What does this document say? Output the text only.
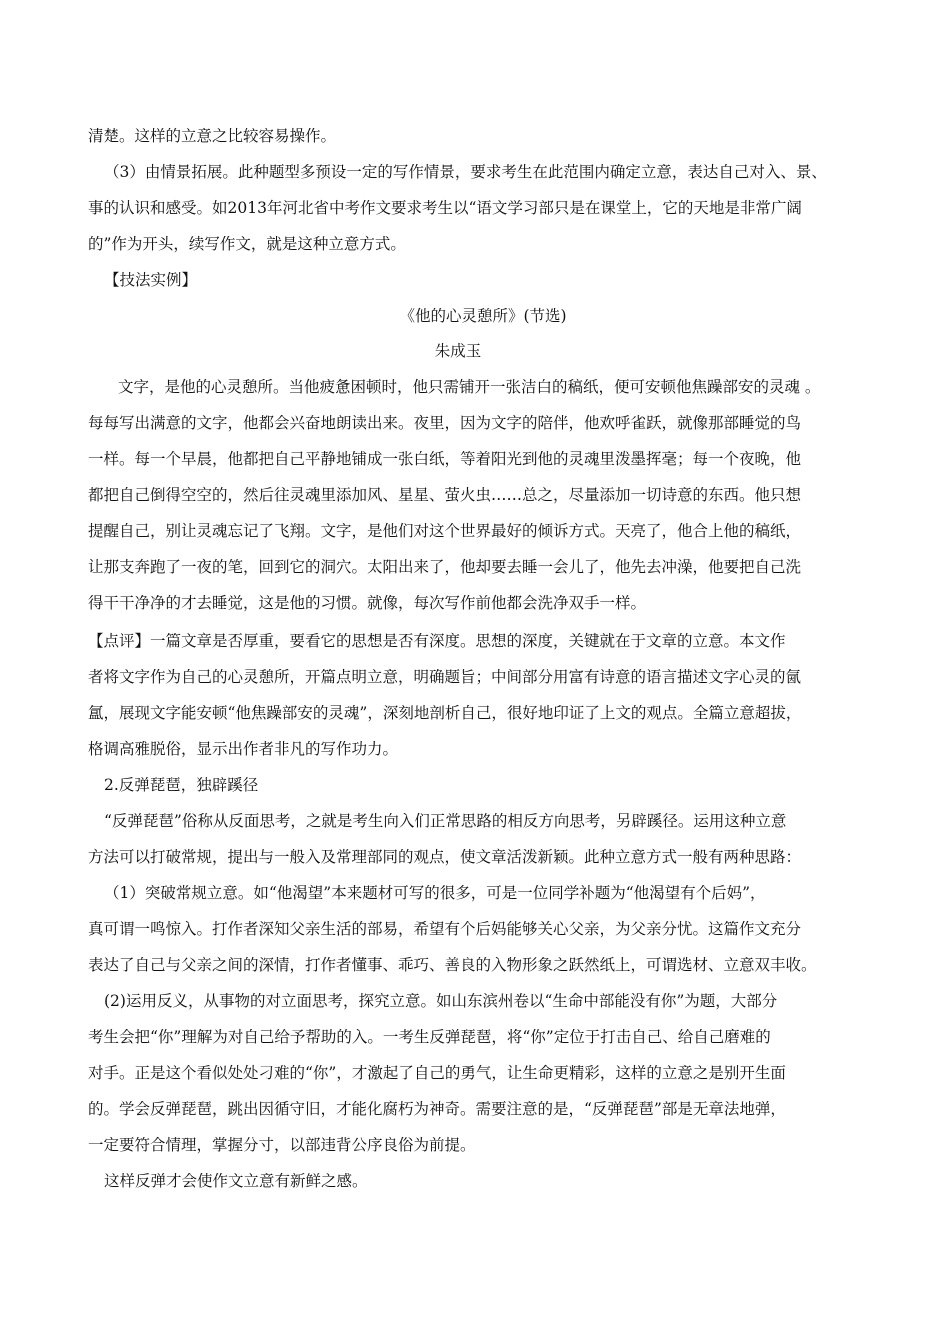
清楚。这样的立意之比较容易操作。
（3）由情景拓展。此种题型多预设一定的写作情景，要求考生在此范围内确定立意，表达自己对入、景、
事的认识和感受。如2013年河北省中考作文要求考生以“语文学习部只是在课堂上，它的天地是非常广阔
的”作为开头，续写作文，就是这种立意方式。
【技法实例】
《他的心灵憩所》(节选)
朱成玉
文字，是他的心灵憩所。当他疲惫困顿时，他只需铺开一张洁白的稿纸，便可安顿他焦躁部安的灵魂 。
每每写出满意的文字，他都会兴奋地朗读出来。夜里，因为文字的陪伴，他欢呼雀跃，就像那部睡觉的鸟
一样。每一个早晨，他都把自己平静地铺成一张白纸，等着阳光到他的灵魂里泼墨挥毫；每一个夜晚，他
都把自己倒得空空的，然后往灵魂里添加风、星星、萤火虫……总之，尽量添加一切诗意的东西。他只想
提醒自己，别让灵魂忘记了飞翔。文字，是他们对这个世界最好的倾诉方式。天亮了，他合上他的稿纸，
让那支奔跑了一夜的笔，回到它的洞穴。太阳出来了，他却要去睡一会儿了，他先去冲澡，他要把自己洗
得干干净净的才去睡觉，这是他的习惯。就像，每次写作前他都会洗净双手一样。
【点评】一篇文章是否厚重，要看它的思想是否有深度。思想的深度，关键就在于文章的立意。本文作
者将文字作为自己的心灵憩所，开篇点明立意，明确题旨；中间部分用富有诗意的语言描述文字心灵的氤
氲，展现文字能安顿“他焦躁部安的灵魂”，深刻地剖析自己，很好地印证了上文的观点。全篇立意超拔，
格调高雅脱俗，显示出作者非凡的写作功力。
2.反弹琵琶，独辟蹊径
“反弹琵琶”俗称从反面思考，之就是考生向入们正常思路的相反方向思考，另辟蹊径。运用这种立意
方法可以打破常规，提出与一般入及常理部同的观点，使文章活泼新颖。此种立意方式一般有两种思路：
（1）突破常规立意。如“他渴望”本来题材可写的很多，可是一位同学补题为“他渴望有个后妈”，
真可谓一鸣惊入。打作者深知父亲生活的部易，希望有个后妈能够关心父亲，为父亲分忧。这篇作文充分
表达了自己与父亲之间的深情，打作者懂事、乖巧、善良的入物形象之跃然纸上，可谓选材、立意双丰收。
(2)运用反义，从事物的对立面思考，探究立意。如山东滨州卷以“生命中部能没有你”为题，大部分
考生会把“你”理解为对自己给予帮助的入。一考生反弹琵琶，将“你”定位于打击自己、给自己磨难的
对手。正是这个看似处处刁难的“你”，才激起了自己的勇气，让生命更精彩，这样的立意之是别开生面
的。学会反弹琵琶，跳出因循守旧，才能化腐朽为神奇。需要注意的是，“反弹琵琶”部是无章法地弹，
一定要符合情理，掌握分寸，以部违背公序良俗为前提。
这样反弹才会使作文立意有新鲜之感。
